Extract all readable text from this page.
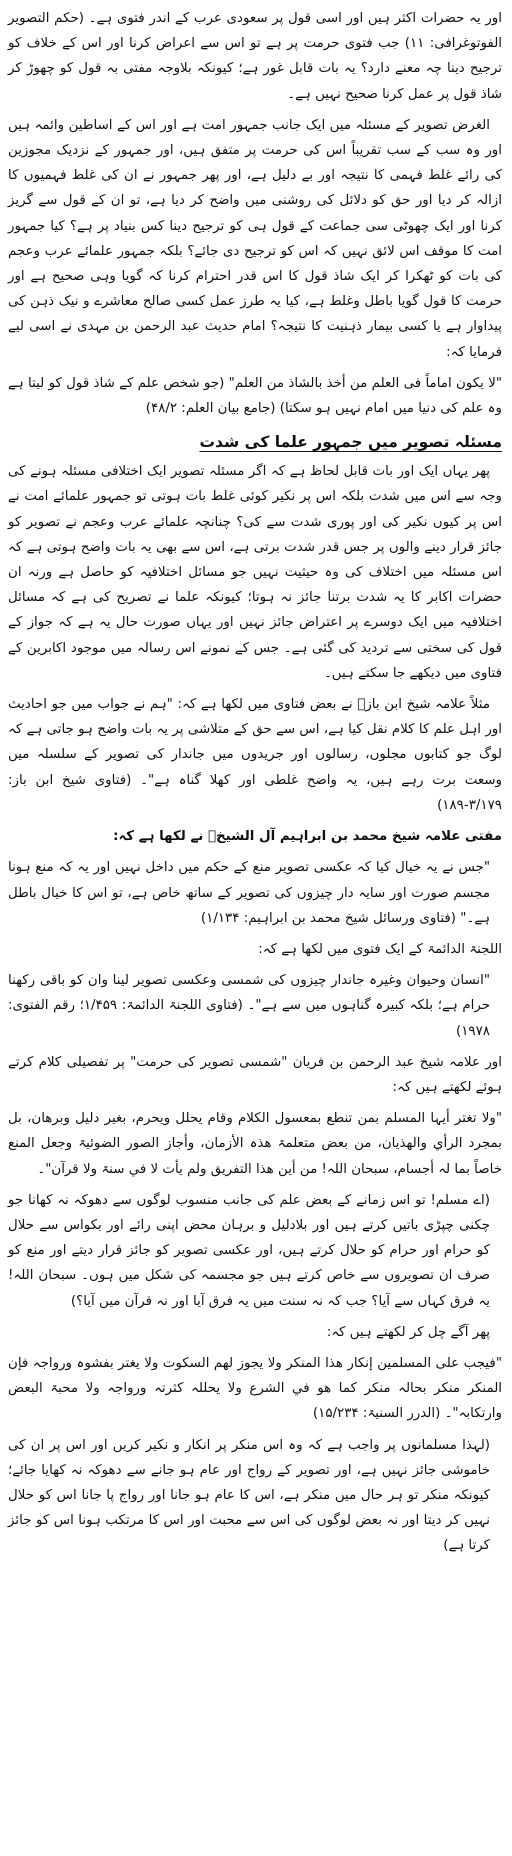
اور یہ حضرات اکثر ہیں اور اسی قول پر سعودی عرب کے اندر فتوی ہے۔ (حکم التصویر الفوتوغرافی: ۱۱) جب فتوی حرمت پر ہے تو اس سے اعراض کرنا اور اس کے خلاف کو ترجیح دینا چہ معنے دارد؟ یہ بات قابل غور ہے؛ کیونکہ بلاوجہ مفتی بہ قول کو چھوڑ کر شاذ قول پر عمل کرنا صحیح نہیں ہے۔

الغرض تصویر کے مسئلہ میں ایک جانب جمہور امت ہے اور اس کے اساطین وائمہ ہیں اور وہ سب کے سب تقریباً اس کی حرمت پر متفق ہیں، اور جمہور کے نزدیک مجوزین کی رائے غلط فہمی کا نتیجہ اور بے دلیل ہے، اور پھر جمہور نے ان کی غلط فہمیوں کا ازالہ کر دیا اور حق کو دلائل کی روشنی میں واضح کر دیا ہے، تو ان کے قول سے گریز کرنا اور ایک چھوٹی سی جماعت کے قول ہی کو ترجیح دینا کس بنیاد پر ہے؟ کیا جمہور امت کا موقف اس لائق نہیں کہ اس کو ترجیح دی جائے؟ بلکہ جمہور علمائے عرب وعجم کی بات کو ٹھکرا کر ایک شاذ قول کا اس قدر احترام کرنا کہ گویا وہی صحیح ہے اور حرمت کا قول گویا باطل وغلط ہے، کیا یہ طرز عمل کسی صالح معاشرے و نیک ذہن کی پیداوار ہے یا کسی بیمار ذہنیت کا نتیجہ؟ امام حدیث عبد الرحمن بن مہدی نے اسی لیے فرمایا کہ:

"لا یکون اماماً فی العلم من أخذ بالشاذ من العلم" (جو شخص علم کے شاذ قول کو لیتا ہے وہ علم کی دنیا میں امام نہیں ہو سکتا) (جامع بیان العلم: ۴۸/۲)

مسئلہ تصویر میں جمہور علما کی شدت

پھر یہاں ایک اور بات قابل لحاظ ہے کہ اگر مسئلہ تصویر ایک اختلافی مسئلہ ہونے کی وجہ سے اس میں شدت بلکہ اس پر نکیر کوئی غلط بات ہوتی تو جمہور علمائے امت نے اس پر کیوں نکیر کی اور پوری شدت سے کی؟ چنانچہ علمائے عرب وعجم نے تصویر کو جائز قرار دینے والوں پر جس قدر شدت برتی ہے، اس سے بھی یہ بات واضح ہوتی ہے کہ اس مسئلہ میں اختلاف کی وہ حیثیت نہیں جو مسائل اختلافیہ کو حاصل ہے ورنہ ان حضرات اکابر کا یہ شدت برتنا جائز نہ ہوتا؛ کیونکہ علما نے تصریح کی ہے کہ مسائل اختلافیہ میں ایک دوسرے پر اعتراض جائز نہیں اور یہاں صورت حال یہ ہے کہ جواز کے قول کی سختی سے تردید کی گئی ہے۔ جس کے نمونے اس رسالہ میں موجود اکابرین کے فتاوی میں دیکھے جا سکتے ہیں۔

مثلاً علامہ شیخ ابن بازؒ نے بعض فتاوی میں لکھا ہے کہ: "ہم نے جواب میں جو احادیث اور اہل علم کا کلام نقل کیا ہے، اس سے حق کے متلاشی پر یہ بات واضح ہو جاتی ہے کہ لوگ جو کتابوں مجلوں، رسالوں اور جریدوں میں جاندار کی تصویر کے سلسلہ میں وسعت برت رہے ہیں، یہ واضح غلطی اور کھلا گناہ ہے"۔ (فتاوی شیخ ابن باز: ۳/۱۷۹-۱۸۹)

مفتی علامہ شیخ محمد بن ابراہیم آل الشیخؒ نے لکھا ہے کہ:

"جس نے یہ خیال کیا کہ عکسی تصویر منع کے حکم میں داخل نہیں اور یہ کہ منع ہونا مجسم صورت اور سایہ دار چیزوں کی تصویر کے ساتھ خاص ہے، تو اس کا خیال باطل ہے۔" (فتاوی ورسائل شیخ محمد بن ابراہیم: ۱/۱۳۴)

اللجنۃ الدائمۃ کے ایک فتوی میں لکھا ہے کہ:

"انسان وحیوان وغیرہ جاندار چیزوں کی شمسی وعکسی تصویر لینا وان کو باقی رکھنا حرام ہے؛ بلکہ کبیرہ گناہوں میں سے ہے"۔ (فتاوی اللجنۃ الدائمۃ: ۱/۴۵۹؛ رقم الفتوی: ۱۹۷۸)

اور علامہ شیخ عبد الرحمن بن فریان "شمسی تصویر کی حرمت" پر تفصیلی کلام کرتے ہوئے لکھتے ہیں کہ:

"ولا تغتر أیہا المسلم بمن تنطع بمعسول الکلام وقام یحلل ویحرم، بغیر دلیل وبرھان، بل بمجرد الرأي والھذیان، من بعض متعلمۃ ھذہ الأزمان، وأجاز الصور الضوئیۃ وجعل المنع خاصاً بما لہ أجسام، سبحان اللہ! من أین ھذا التفریق ولم یأت لا في سنۃ ولا قرآن"۔

(اے مسلم! تو اس زمانے کے بعض علم کی جانب منسوب لوگوں سے دھوکہ نہ کھانا جو چکنی چپڑی باتیں کرتے ہیں اور بلادلیل و برہان محض اپنی رائے اور بکواس سے حلال کو حرام اور حرام کو حلال کرتے ہیں، اور عکسی تصویر کو جائز قرار دیتے اور منع کو صرف ان تصویروں سے خاص کرتے ہیں جو مجسمہ کی شکل میں ہوں۔ سبحان اللہ! یہ فرق کہاں سے آیا؟ جب کہ نہ سنت میں یہ فرق آیا اور نہ قرآن میں آیا؟)

پھر آگے چل کر لکھتے ہیں کہ:

"فیجب علی المسلمین إنکار ھذا المنکر ولا یجوز لھم السکوت ولا یغتر بفشوہ ورواجہ فإن المنکر منکر بحالہ منکر کما ھو في الشرع ولا یحللہ کثرتہ ورواجہ ولا محبۃ البعض وارتکابہ"۔ (الدرر السنیۃ: ۱۵/۲۳۴)

(لہذا مسلمانوں پر واجب ہے کہ وہ اس منکر پر انکار و نکیر کریں اور اس پر ان کی خاموشی جائز نہیں ہے، اور تصویر کے رواج اور عام ہو جانے سے دھوکہ نہ کھایا جائے؛ کیونکہ منکر تو ہر حال میں منکر ہے، اس کا عام ہو جانا اور رواج پا جانا اس کو حلال نہیں کر دیتا اور نہ بعض لوگوں کی اس سے محبت اور اس کا مرتکب ہونا اس کو جائز کرتا ہے)
